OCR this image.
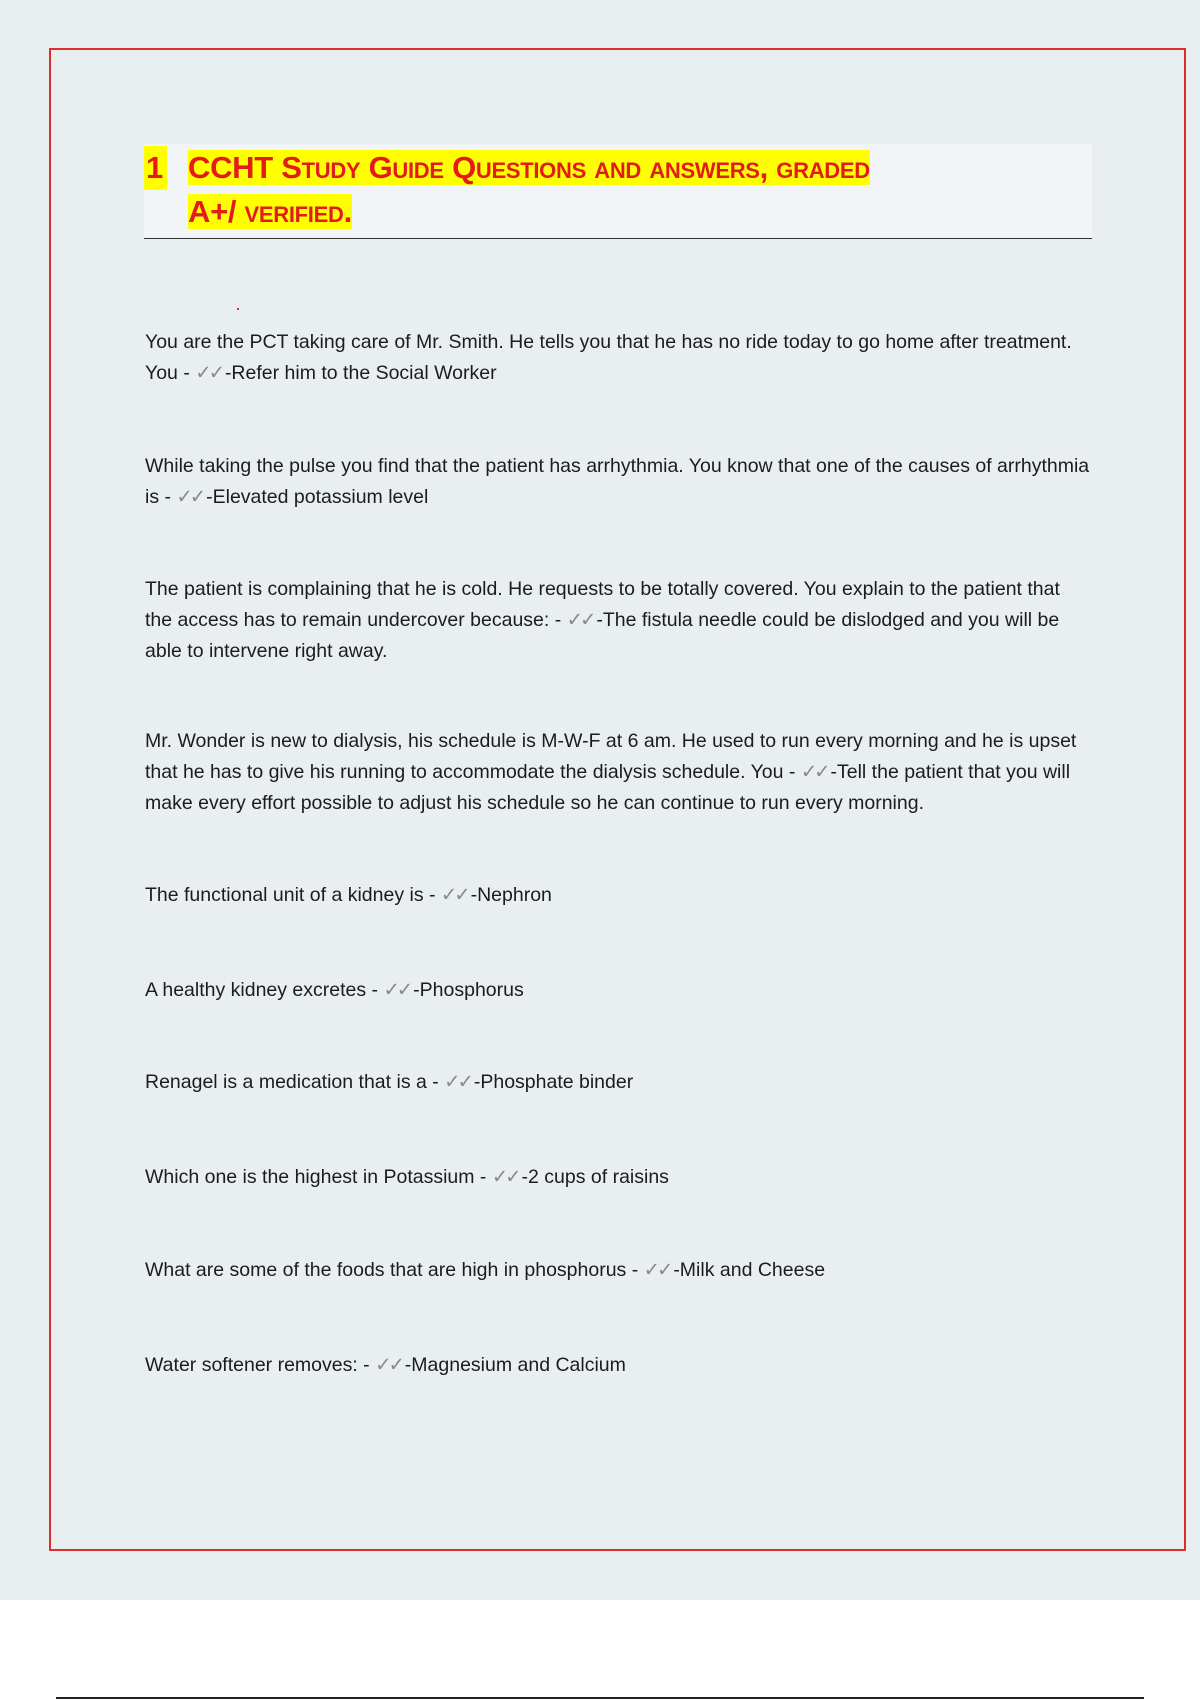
1 CCHT Study Guide Questions and answers, graded
A+/ verified.

You are the PCT taking care of Mr. Smith. He tells you that he has no ride today to go home after treatment. You - ✓✓ -Refer him to the Social Worker

While taking the pulse you find that the patient has arrhythmia. You know that one of the causes of arrhythmia is - ✓✓ -Elevated potassium level

The patient is complaining that he is cold. He requests to be totally covered. You explain to the patient that the access has to remain undercover because: - ✓✓ -The fistula needle could be dislodged and you will be able to intervene right away.

Mr. Wonder is new to dialysis, his schedule is M-W-F at 6 am. He used to run every morning and he is upset that he has to give his running to accommodate the dialysis schedule. You - ✓✓ -Tell the patient that you will make every effort possible to adjust his schedule so he can continue to run every morning.

The functional unit of a kidney is - ✓✓ -Nephron

A healthy kidney excretes - ✓✓ -Phosphorus

Renagel is a medication that is a - ✓✓ -Phosphate binder

Which one is the highest in Potassium - ✓✓ -2 cups of raisins

What are some of the foods that are high in phosphorus - ✓✓ -Milk and Cheese

Water softener removes: - ✓✓ -Magnesium and Calcium
